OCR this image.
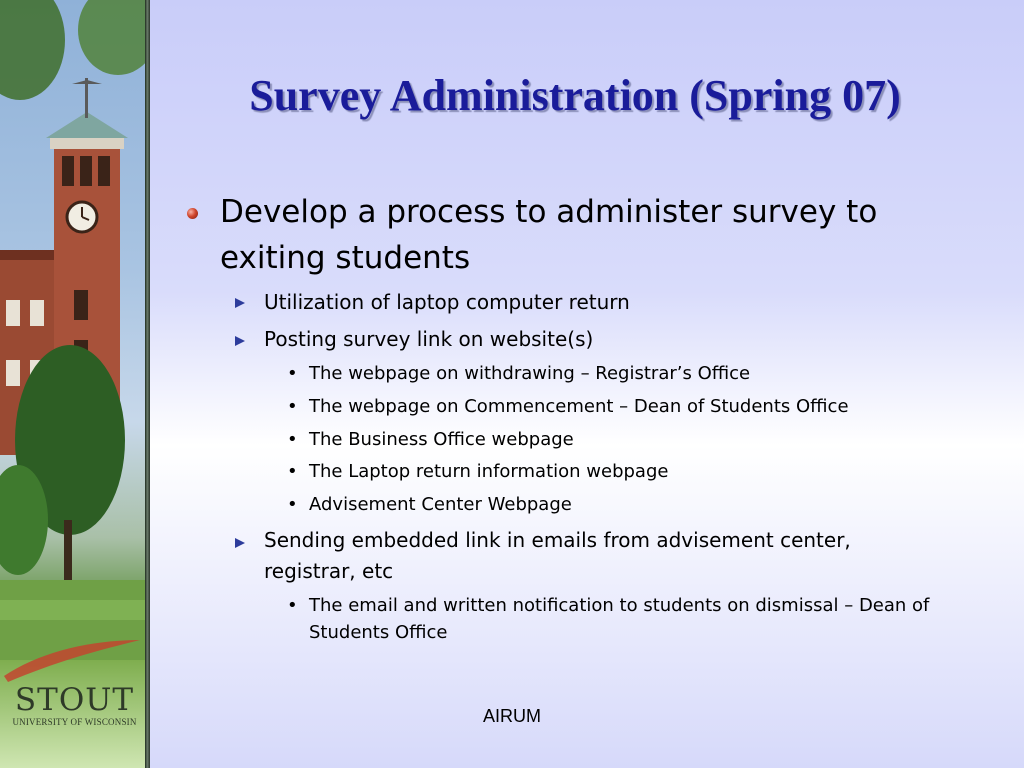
STOUT
UNIVERSITY OF WISCONSIN
Survey Administration (Spring 07)
Develop a process to administer survey to exiting students
Utilization of laptop computer return
Posting survey link on website(s)
• The webpage on withdrawing – Registrar’s Office
• The webpage on Commencement – Dean of Students Office
• The Business Office webpage
• The Laptop return information webpage
• Advisement Center Webpage
Sending embedded link in emails from advisement center, registrar, etc
• The email and written notification to students on dismissal – Dean of Students Office
AIRUM
